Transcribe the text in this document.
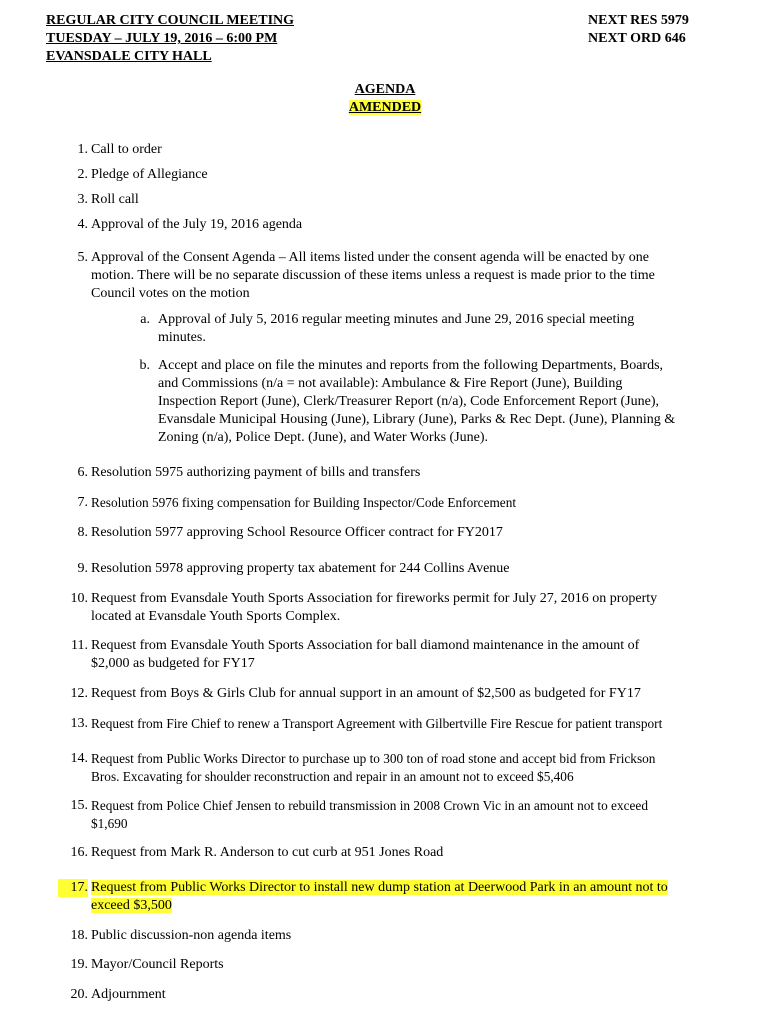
REGULAR CITY COUNCIL MEETING
TUESDAY – JULY 19, 2016 – 6:00 PM
EVANSDALE CITY HALL
NEXT RES 5979
NEXT ORD 646
AGENDA
AMENDED
1. Call to order
2. Pledge of Allegiance
3. Roll call
4. Approval of the July 19, 2016 agenda
5. Approval of the Consent Agenda – All items listed under the consent agenda will be enacted by one
motion. There will be no separate discussion of these items unless a request is made prior to the time
Council votes on the motion
a. Approval of July 5, 2016 regular meeting minutes and June 29, 2016 special meeting
minutes.
b. Accept and place on file the minutes and reports from the following Departments, Boards,
and Commissions (n/a = not available): Ambulance & Fire Report (June), Building
Inspection Report (June), Clerk/Treasurer Report (n/a), Code Enforcement Report (June),
Evansdale Municipal Housing (June), Library (June), Parks & Rec Dept. (June), Planning &
Zoning (n/a), Police Dept. (June), and Water Works (June).
6. Resolution 5975 authorizing payment of bills and transfers
7. Resolution 5976 fixing compensation for Building Inspector/Code Enforcement
8. Resolution 5977 approving School Resource Officer contract for FY2017
9. Resolution 5978 approving property tax abatement for 244 Collins Avenue
10. Request from Evansdale Youth Sports Association for fireworks permit for July 27, 2016 on property
located at Evansdale Youth Sports Complex.
11. Request from Evansdale Youth Sports Association for ball diamond maintenance in the amount of
$2,000 as budgeted for FY17
12. Request from Boys & Girls Club for annual support in an amount of $2,500 as budgeted for FY17
13. Request from Fire Chief to renew a Transport Agreement with Gilbertville Fire Rescue for patient transport
14. Request from Public Works Director to purchase up to 300 ton of road stone and accept bid from Frickson
Bros. Excavating for shoulder reconstruction and repair in an amount not to exceed $5,406
15. Request from Police Chief Jensen to rebuild transmission in 2008 Crown Vic in an amount not to exceed
$1,690
16. Request from Mark R. Anderson to cut curb at 951 Jones Road
17. Request from Public Works Director to install new dump station at Deerwood Park in an amount not to
exceed $3,500
18. Public discussion-non agenda items
19. Mayor/Council Reports
20. Adjournment
